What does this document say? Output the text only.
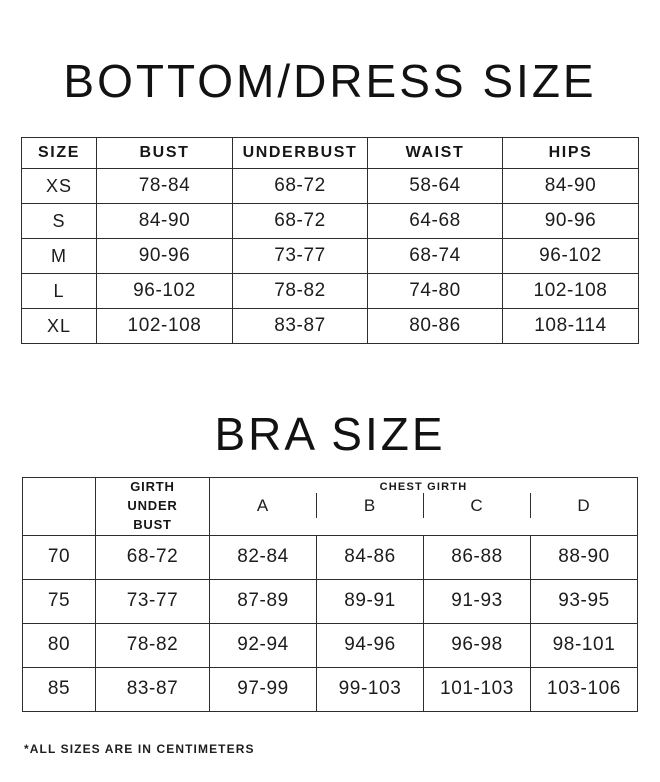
BOTTOM/DRESS SIZE
SIZE	BUST	UNDERBUST	WAIST	HIPS
XS	78-84	68-72	58-64	84-90
S	84-90	68-72	64-68	90-96
M	90-96	73-77	68-74	96-102
L	96-102	78-82	74-80	102-108
XL	102-108	83-87	80-86	108-114
BRA SIZE
	GIRTH UNDER BUST	CHEST GIRTH
A B C D			

70	68-72	82-84	84-86	86-88	88-90
75	73-77	87-89	89-91	91-93	93-95
80	78-82	92-94	94-96	96-98	98-101
85	83-87	97-99	99-103	101-103	103-106
*ALL SIZES ARE IN CENTIMETERS
